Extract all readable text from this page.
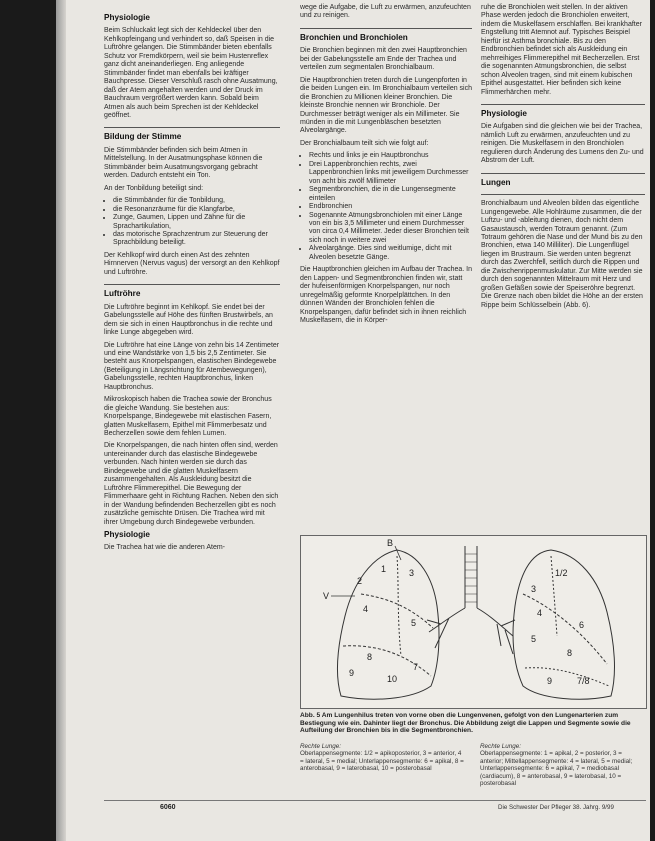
Physiologie

Beim Schluckakt legt sich der Kehldeckel über den Kehlkopfeingang und verhindert so, daß Speisen in die Luftröhre gelangen. Die Stimmbänder bieten ebenfalls Schutz vor Fremdkörpern, weil sie beim Hustenreflex ganz dicht aneinanderliegen. Eng anliegende Stimmbänder findet man ebenfalls bei kräftiger Bauchpresse. Dieser Verschluß rasch ohne Ausatmung, daß der Atem angehalten werden und der Druck im Bauchraum vergrößert werden kann. Sobald beim Atmen als auch beim Sprechen ist der Kehldeckel geöffnet.

Bildung der Stimme

Die Stimmbänder befinden sich beim Atmen in Mittelstellung. In der Ausatmungsphase können die Stimmbänder beim Ausatmungsvorgang gebracht werden. Dadurch entsteht ein Ton.

An der Tonbildung beteiligt sind:

• die Stimmbänder für die Tonbildung,
• die Resonanzräume für die Klangfarbe,
• Zunge, Gaumen, Lippen und Zähne für die Sprachartikulation,
• das motorische Sprachzentrum zur Steuerung der Sprachbildung beteiligt.

Der Kehlkopf wird durch einen Ast des zehnten Hirnnerven (Nervus vagus) der versorgt an den Kehlkopf und Luftröhre.

Luftröhre

Die Luftröhre beginnt im Kehlkopf. Sie endet bei der Gabelungsstelle auf Höhe des fünften Brustwirbels, an dem sie sich in einen Hauptbronchus in die rechte und linke Lunge abgegeben wird.

Die Luftröhre hat eine Länge von zehn bis 14 Zentimeter und eine Wandstärke von 1,5 bis 2,5 Zentimeter. Sie besteht aus Knorpelspangen, elastischen Bindegewebe (Beteiligung in Längsrichtung für Atembewegungen), Gabelungsstelle, rechten Hauptbronchus, linken Hauptbronchus.

Mikroskopisch haben die Trachea sowie der Bronchus die gleiche Wandung. Sie bestehen aus: Knorpelspange, Bindegewebe mit elastischen Fasern, glatten Muskelfasern, Epithel mit Flimmerbesatz und Becherzellen sowie dem fehlen Lumen.

Die Knorpelspangen, die nach hinten offen sind, werden untereinander durch das elastische Bindegewebe verbunden. Nach hinten werden sie durch das Bindegewebe und die glatten Muskelfasern zusammengehalten. Als Auskleidung besitzt die Luftröhre Flimmerepithel. Die Bewegung der Flimmerhaare geht in Richtung Rachen. Neben den sich in der Wandung befindenden Becherzellen gibt es noch zusätzliche gemischte Drüsen. Die Trachea wird mit ihrer Umgebung durch Bindegewebe verbunden.

Physiologie

Die Trachea hat wie die anderen Atem-

wege die Aufgabe, die Luft zu erwärmen, anzufeuchten und zu reinigen.

Bronchien und Bronchiolen

Die Bronchien beginnen mit den zwei Hauptbronchien bei der Gabelungsstelle am Ende der Trachea und verteilen zum segmentalen Bronchialbaum.

Die Hauptbronchien treten durch die Lungenpforten in die beiden Lungen ein. Im Bronchialbaum verteilen sich die Bronchien zu Millionen kleiner Bronchien. Die kleinste Bronchie nennen wir Bronchiole. Der Durchmesser beträgt weniger als ein Millimeter. Sie münden in die mit Lungenbläschen besetzten Alveolargänge.

Der Bronchialbaum teilt sich wie folgt auf:

• Rechts und links je ein Hauptbronchus
• Drei Lappenbronchien rechts, zwei Lappenbronchien links mit jeweiligem Durchmesser von acht bis zwölf Millimeter
• Segmentbronchien, die in die Lungensegmente einteilen
• Endbronchien
• Sogenannte Atmungsbronchiolen mit einer Länge von ein bis 3,5 Millimeter und einem Durchmesser von circa 0,4 Millimeter. Jeder dieser Bronchien teilt sich noch in weitere zwei
• Alveolargänge. Dies sind weitlumige, dicht mit Alveolen besetzte Gänge.

Die Hauptbronchien gleichen im Aufbau der Trachea. In den Lappen- und Segmentbronchien finden wir, statt der hufeisenförmigen Knorpelspangen, nur noch unregelmäßig geformte Knorpelplättchen. In den dünnen Wänden der Bronchiolen fehlen die Knorpelspangen, dafür befindet sich in ihnen reichlich Muskelfasern, die in Körper-

ruhe die Bronchiolen weit stellen. In der aktiven Phase werden jedoch die Bronchiolen erweitert, indem die Muskelfasern erschlaffen. Bei krankhafter Engstellung tritt Atemnot auf. Typisches Beispiel hierfür ist Asthma bronchiale. Bis zu den Endbronchien befindet sich als Auskleidung ein mehrreihiges Flimmerepithel mit Becherzellen. Erst die sogenannten Atmungsbronchien, die selbst schon Alveolen tragen, sind mit einem kubischen Epithel ausgestattet. Hier befinden sich keine Flimmerhärchen mehr.

Physiologie

Die Aufgaben sind die gleichen wie bei der Trachea, nämlich Luft zu erwärmen, anzufeuchten und zu reinigen. Die Muskelfasern in den Bronchiolen regulieren durch Änderung des Lumens den Zu- und Abstrom der Luft.

Lungen

Bronchialbaum und Alveolen bilden das eigentliche Lungengewebe. Alle Hohlräume zusammen, die der Luftzu- und -ableitung dienen, doch nicht dem Gasaustausch, werden Totraum genannt. (Zum Totraum gehören die Nase und der Mund bis zu den Bronchien, etwa 140 Milliliter). Die Lungenflügel liegen im Brustraum. Sie werden unten begrenzt durch das Zwerchfell, seitlich durch die Rippen und die Zwischenrippenmuskulatur. Zur Mitte werden sie durch den sogenannten Mittelraum mit Herz und großen Gefäßen sowie der Speiseröhre begrenzt. Die Grenze nach oben bildet die Höhe an der ersten Rippe beim Schlüsselbein (Abb. 6).

B
1	3
2
4
V
5
8
10
7
9
1/2
3
4
5
6
8
7/8
9
Abb. 5 Am Lungenhilus treten von vorne oben die Lungenvenen, gefolgt von den Lungenarterien zum Bestiegung wie ein. Dahinter liegt der Bronchus. Die Abbildung zeigt die Lappen und Segmente sowie die Aufteilung der Bronchien bis in die Segmentbronchien.
Rechte Lunge:
Oberlappensegmente: 1/2 = apikoposterior, 3 = anterior, 4 = lateral, 5 = medial; Unterlappensegmente: 6 = apikal, 8 = anterobasal, 9 = laterobasal, 10 = posterobasal
Rechte Lunge:
Oberlappensegmente: 1 = apikal, 2 = posterior, 3 = anterior; Mittellappensegmente: 4 = lateral, 5 = medial; Unterlappensegmente: 6 = apikal, 7 = mediobasal (cardiacum), 8 = anterobasal, 9 = laterobasal, 10 = posterobasal
6060	Die Schwester Der Pfleger 38. Jahrg. 9/99
